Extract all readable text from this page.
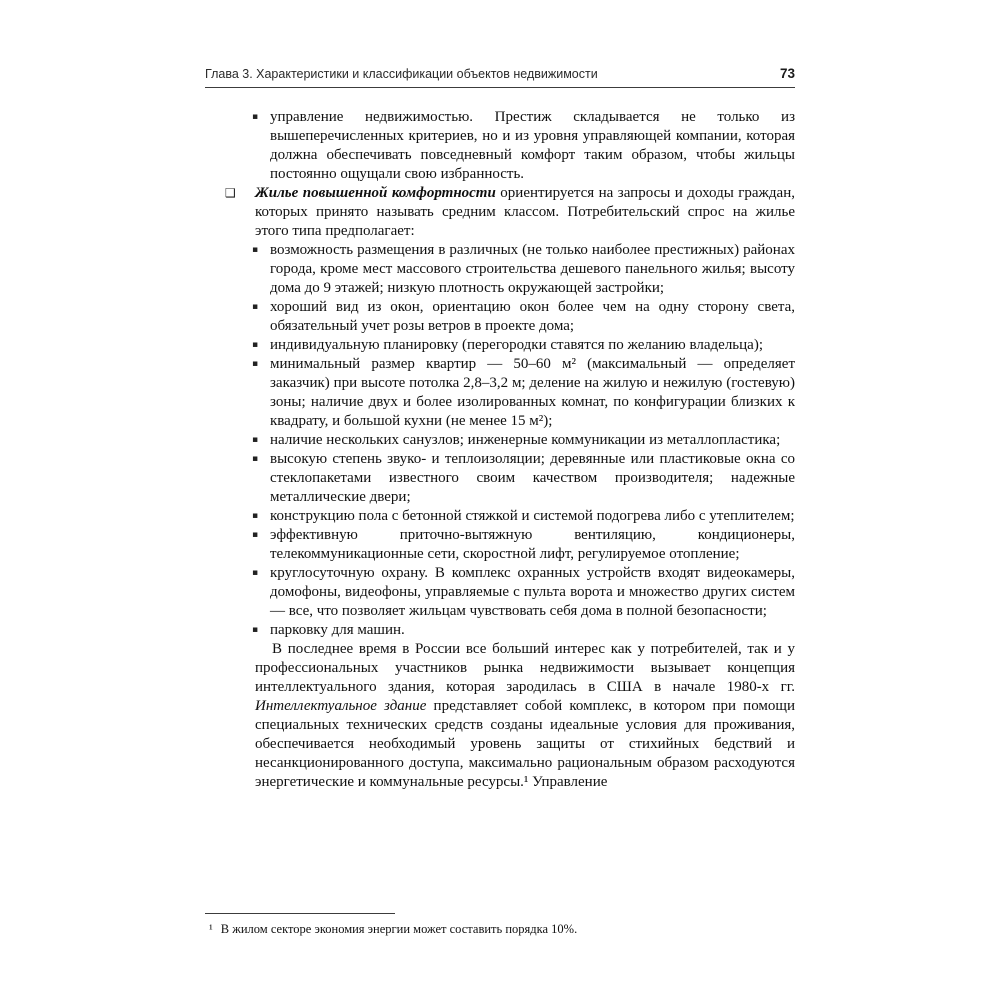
Глава 3. Характеристики и классификации объектов недвижимости	73
▪ управление недвижимостью. Престиж складывается не только из вышеперечисленных критериев, но и из уровня управляющей компании, которая должна обеспечивать повседневный комфорт таким образом, чтобы жильцы постоянно ощущали свою избранность.
❑ Жилье повышенной комфортности ориентируется на запросы и доходы граждан, которых принято называть средним классом. Потребительский спрос на жилье этого типа предполагает:
▪ возможность размещения в различных (не только наиболее престижных) районах города, кроме мест массового строительства дешевого панельного жилья; высоту дома до 9 этажей; низкую плотность окружающей застройки;
▪ хороший вид из окон, ориентацию окон более чем на одну сторону света, обязательный учет розы ветров в проекте дома;
▪ индивидуальную планировку (перегородки ставятся по желанию владельца);
▪ минимальный размер квартир — 50–60 м² (максимальный — определяет заказчик) при высоте потолка 2,8–3,2 м; деление на жилую и нежилую (гостевую) зоны; наличие двух и более изолированных комнат, по конфигурации близких к квадрату, и большой кухни (не менее 15 м²);
▪ наличие нескольких санузлов; инженерные коммуникации из металлопластика;
▪ высокую степень звуко- и теплоизоляции; деревянные или пластиковые окна со стеклопакетами известного своим качеством производителя; надежные металлические двери;
▪ конструкцию пола с бетонной стяжкой и системой подогрева либо с утеплителем;
▪ эффективную приточно-вытяжную вентиляцию, кондиционеры, телекоммуникационные сети, скоростной лифт, регулируемое отопление;
▪ круглосуточную охрану. В комплекс охранных устройств входят видеокамеры, домофоны, видеофоны, управляемые с пульта ворота и множество других систем — все, что позволяет жильцам чувствовать себя дома в полной безопасности;
▪ парковку для машин.

В последнее время в России все больший интерес как у потребителей, так и у профессиональных участников рынка недвижимости вызывает концепция интеллектуального здания, которая зародилась в США в начале 1980-х гг. Интеллектуальное здание представляет собой комплекс, в котором при помощи специальных технических средств созданы идеальные условия для проживания, обеспечивается необходимый уровень защиты от стихийных бедствий и несанкционированного доступа, максимально рациональным образом расходуются энергетические и коммунальные ресурсы.¹ Управление

¹ В жилом секторе экономия энергии может составить порядка 10%.
